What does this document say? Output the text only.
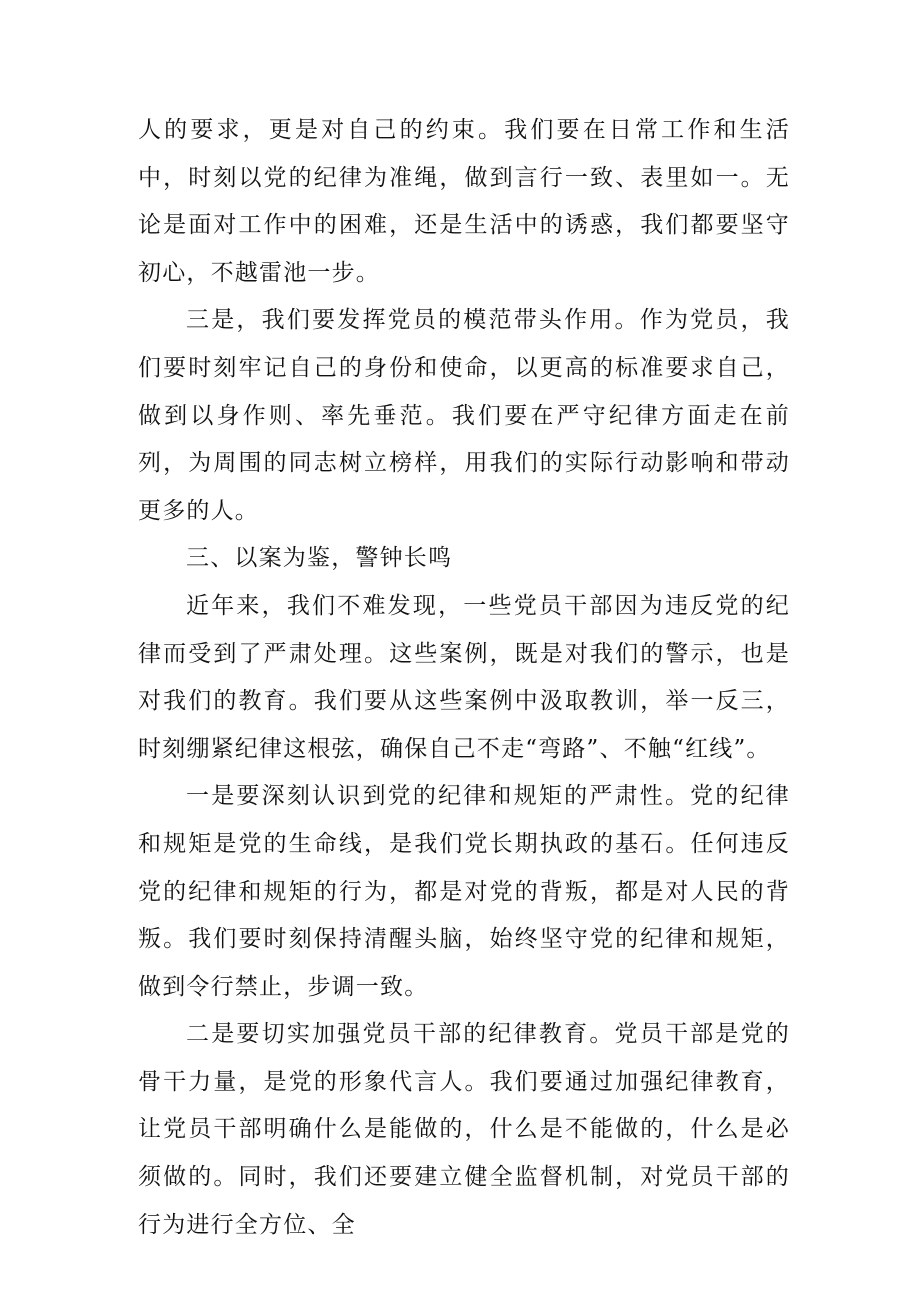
人的要求，更是对自己的约束。我们要在日常工作和生活中，时刻以党的纪律为准绳，做到言行一致、表里如一。无论是面对工作中的困难，还是生活中的诱惑，我们都要坚守初心，不越雷池一步。

三是，我们要发挥党员的模范带头作用。作为党员，我们要时刻牢记自己的身份和使命，以更高的标准要求自己，做到以身作则、率先垂范。我们要在严守纪律方面走在前列，为周围的同志树立榜样，用我们的实际行动影响和带动更多的人。

三、以案为鉴，警钟长鸣

近年来，我们不难发现，一些党员干部因为违反党的纪律而受到了严肃处理。这些案例，既是对我们的警示，也是对我们的教育。我们要从这些案例中汲取教训，举一反三，时刻绷紧纪律这根弦，确保自己不走“弯路”、不触“红线”。

一是要深刻认识到党的纪律和规矩的严肃性。党的纪律和规矩是党的生命线，是我们党长期执政的基石。任何违反党的纪律和规矩的行为，都是对党的背叛，都是对人民的背叛。我们要时刻保持清醒头脑，始终坚守党的纪律和规矩，做到令行禁止，步调一致。

二是要切实加强党员干部的纪律教育。党员干部是党的骨干力量，是党的形象代言人。我们要通过加强纪律教育，让党员干部明确什么是能做的，什么是不能做的，什么是必须做的。同时，我们还要建立健全监督机制，对党员干部的行为进行全方位、全
